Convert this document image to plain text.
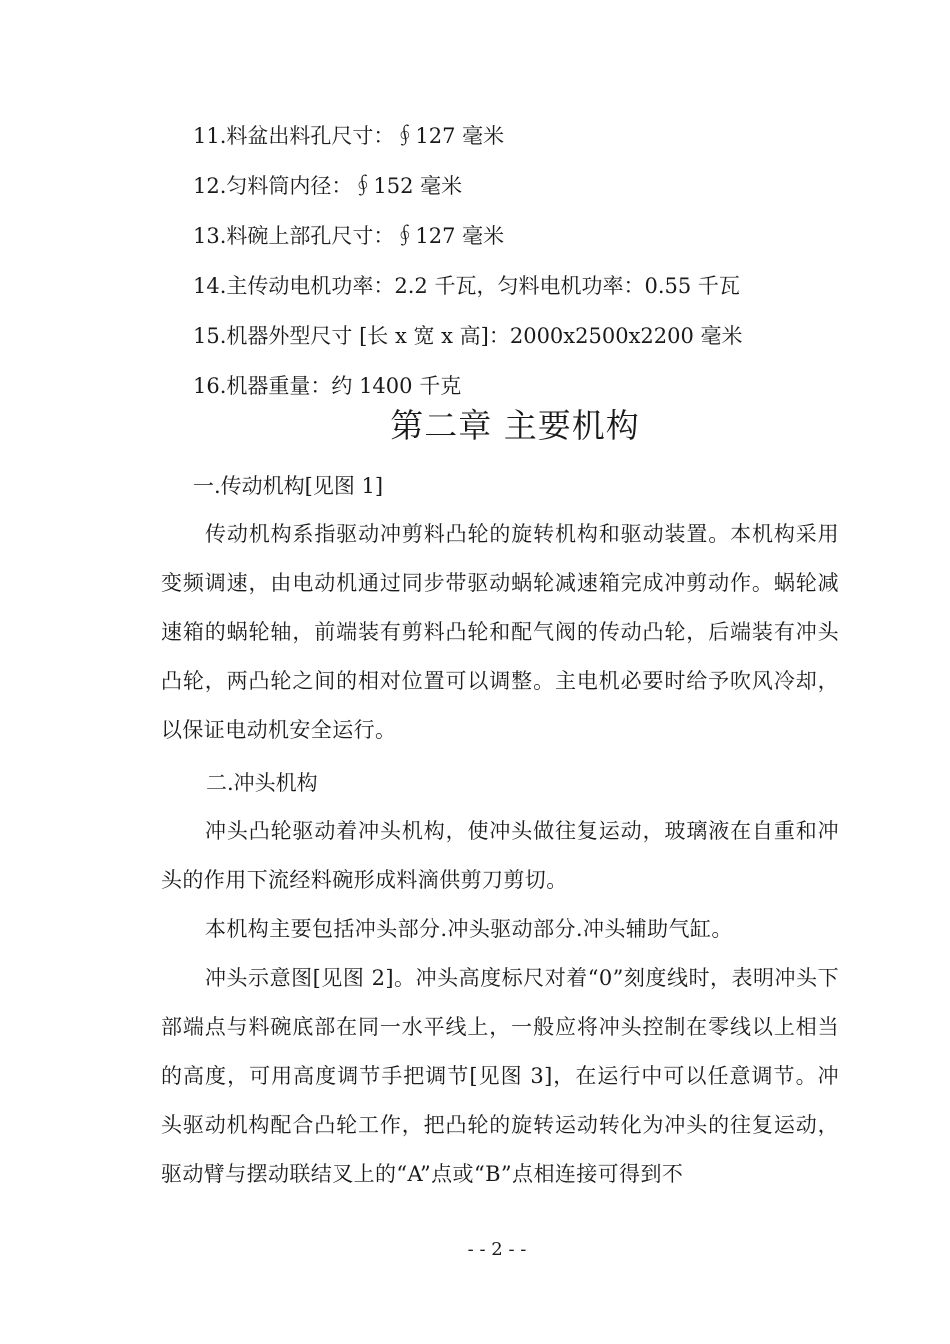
11.料盆出料孔尺寸：∮127 毫米
12.匀料筒内径：∮152 毫米
13.料碗上部孔尺寸：∮127 毫米
14.主传动电机功率：2.2 千瓦，匀料电机功率：0.55 千瓦
15.机器外型尺寸 [长 x 宽 x 高]：2000x2500x2200 毫米
16.机器重量：约 1400 千克
第二章 主要机构
一.传动机构[见图 1]
传动机构系指驱动冲剪料凸轮的旋转机构和驱动装置。本机构采用变频调速，由电动机通过同步带驱动蜗轮减速箱完成冲剪动作。蜗轮减速箱的蜗轮轴，前端装有剪料凸轮和配气阀的传动凸轮，后端装有冲头凸轮，两凸轮之间的相对位置可以调整。主电机必要时给予吹风冷却，以保证电动机安全运行。
二.冲头机构
冲头凸轮驱动着冲头机构，使冲头做往复运动，玻璃液在自重和冲头的作用下流经料碗形成料滴供剪刀剪切。
本机构主要包括冲头部分.冲头驱动部分.冲头辅助气缸。
冲头示意图[见图 2]。冲头高度标尺对着“0”刻度线时，表明冲头下部端点与料碗底部在同一水平线上，一般应将冲头控制在零线以上相当的高度，可用高度调节手把调节[见图 3]，在运行中可以任意调节。冲头驱动机构配合凸轮工作，把凸轮的旋转运动转化为冲头的往复运动，驱动臂与摆动联结叉上的“A”点或“B”点相连接可得到不
- - 2 - -
